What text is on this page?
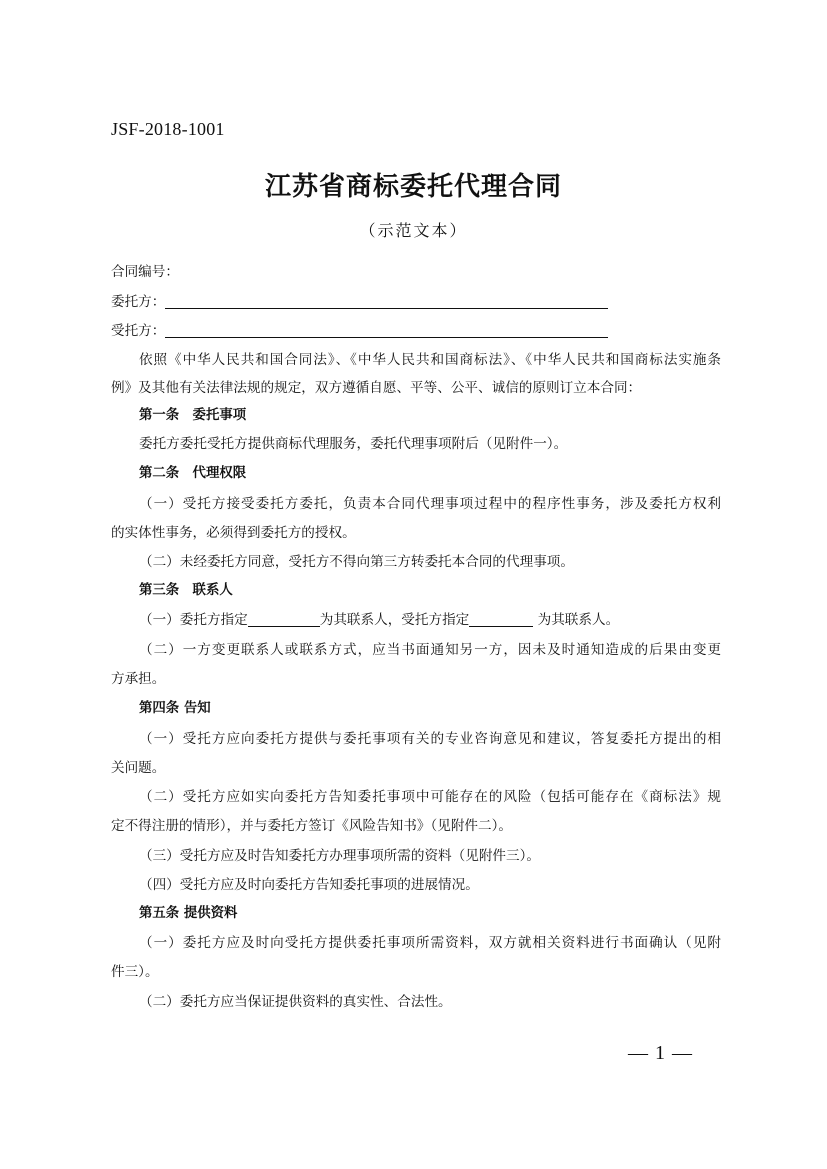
JSF-2018-1001
江苏省商标委托代理合同
（示范文本）
合同编号：
委托方：
受托方：
依照《中华人民共和国合同法》、《中华人民共和国商标法》、《中华人民共和国商标法实施条
例》及其他有关法律法规的规定，双方遵循自愿、平等、公平、诚信的原则订立本合同：
第一条　委托事项
委托方委托受托方提供商标代理服务，委托代理事项附后（见附件一）。
第二条　代理权限
（一）受托方接受委托方委托，负责本合同代理事项过程中的程序性事务，涉及委托方权利
的实体性事务，必须得到委托方的授权。
（二）未经委托方同意，受托方不得向第三方转委托本合同的代理事项。
第三条　联系人
（一）委托方指定	为其联系人，受托方指定	为其联系人。
（二）一方变更联系人或联系方式，应当书面通知另一方，因未及时通知造成的后果由变更
方承担。
第四条 告知
（一）受托方应向委托方提供与委托事项有关的专业咨询意见和建议，答复委托方提出的相
关问题。
（二）受托方应如实向委托方告知委托事项中可能存在的风险（包括可能存在《商标法》规
定不得注册的情形），并与委托方签订《风险告知书》（见附件二）。
（三）受托方应及时告知委托方办理事项所需的资料（见附件三）。
（四）受托方应及时向委托方告知委托事项的进展情况。
第五条 提供资料
（一）委托方应及时向受托方提供委托事项所需资料，双方就相关资料进行书面确认（见附
件三）。
（二）委托方应当保证提供资料的真实性、合法性。
— 1 —
